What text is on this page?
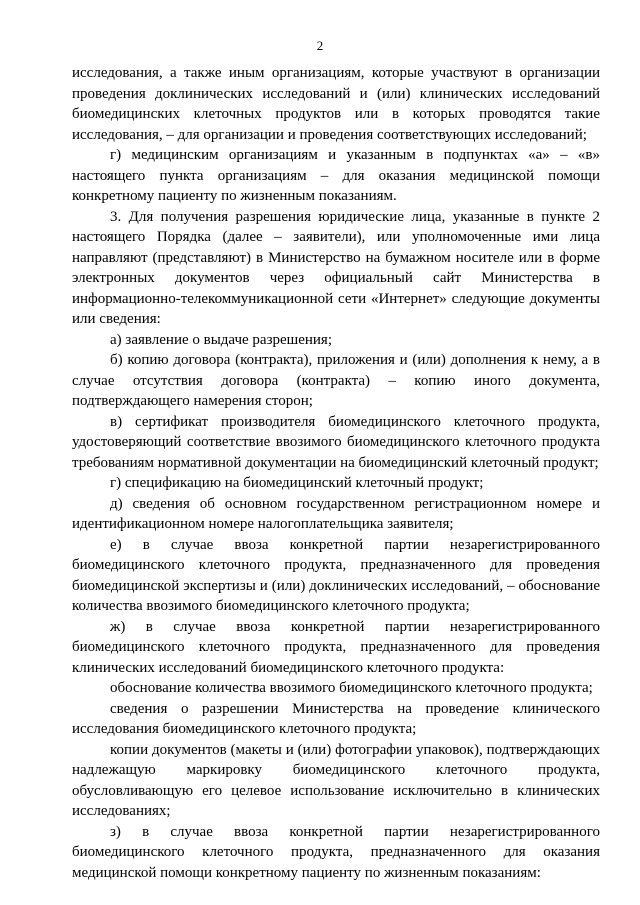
2

исследования, а также иным организациям, которые участвуют в организации проведения доклинических исследований и (или) клинических исследований биомедицинских клеточных продуктов или в которых проводятся такие исследования, – для организации и проведения соответствующих исследований;

г) медицинским организациям и указанным в подпунктах «а» – «в» настоящего пункта организациям – для оказания медицинской помощи конкретному пациенту по жизненным показаниям.

3. Для получения разрешения юридические лица, указанные в пункте 2 настоящего Порядка (далее – заявители), или уполномоченные ими лица направляют (представляют) в Министерство на бумажном носителе или в форме электронных документов через официальный сайт Министерства в информационно-телекоммуникационной сети «Интернет» следующие документы или сведения:

а) заявление о выдаче разрешения;

б) копию договора (контракта), приложения и (или) дополнения к нему, а в случае отсутствия договора (контракта) – копию иного документа, подтверждающего намерения сторон;

в) сертификат производителя биомедицинского клеточного продукта, удостоверяющий соответствие ввозимого биомедицинского клеточного продукта требованиям нормативной документации на биомедицинский клеточный продукт;

г) спецификацию на биомедицинский клеточный продукт;

д) сведения об основном государственном регистрационном номере и идентификационном номере налогоплательщика заявителя;

е) в случае ввоза конкретной партии незарегистрированного биомедицинского клеточного продукта, предназначенного для проведения биомедицинской экспертизы и (или) доклинических исследований, – обоснование количества ввозимого биомедицинского клеточного продукта;

ж) в случае ввоза конкретной партии незарегистрированного биомедицинского клеточного продукта, предназначенного для проведения клинических исследований биомедицинского клеточного продукта:

обоснование количества ввозимого биомедицинского клеточного продукта;

сведения о разрешении Министерства на проведение клинического исследования биомедицинского клеточного продукта;

копии документов (макеты и (или) фотографии упаковок), подтверждающих надлежащую маркировку биомедицинского клеточного продукта, обусловливающую его целевое использование исключительно в клинических исследованиях;

з) в случае ввоза конкретной партии незарегистрированного биомедицинского клеточного продукта, предназначенного для оказания медицинской помощи конкретному пациенту по жизненным показаниям:
